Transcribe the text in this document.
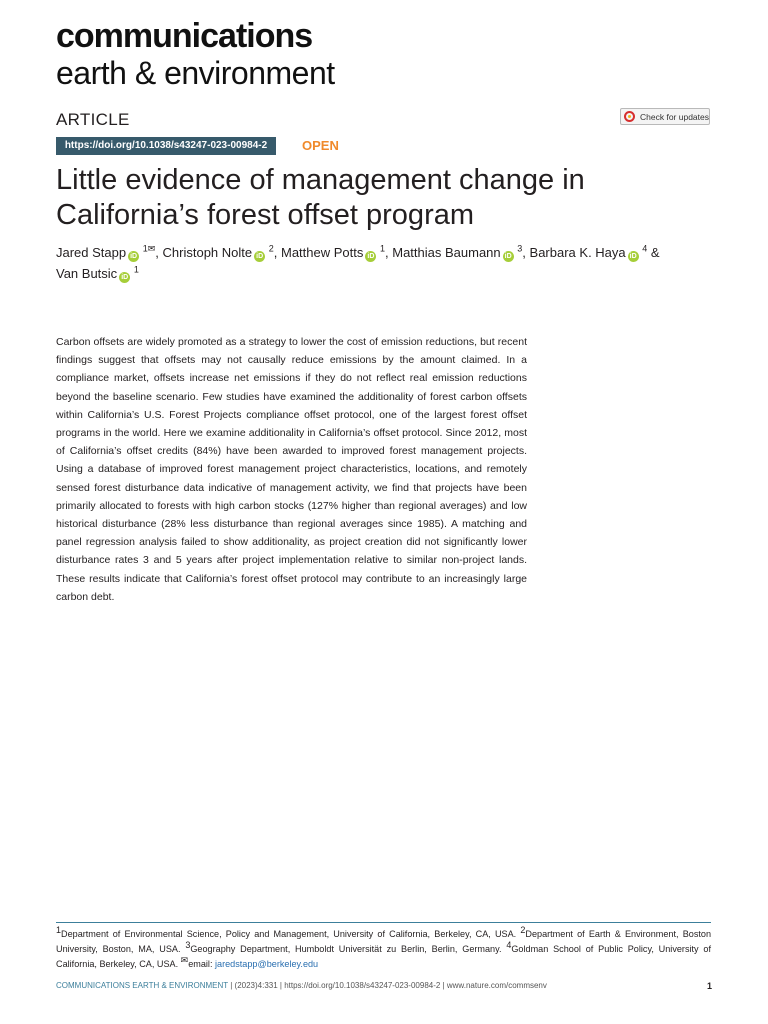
communications
earth & environment
ARTICLE	Check for updates
https://doi.org/10.1038/s43247-023-00984-2	OPEN
Little evidence of management change in California’s forest offset program
Jared Stapp iD $^{1✉}$, Christoph Nolte iD $^2$, Matthew Potts iD $^1$, Matthias Baumann iD $^3$, Barbara K. Haya iD $^4$ &
Van Butsic iD $^1$

Carbon offsets are widely promoted as a strategy to lower the cost of emission reductions, but recent findings suggest that offsets may not causally reduce emissions by the amount claimed. In a compliance market, offsets increase net emissions if they do not reflect real emission reductions beyond the baseline scenario. Few studies have examined the additionality of forest carbon offsets within California’s U.S. Forest Projects compliance offset protocol, one of the largest forest offset programs in the world. Here we examine additionality in California’s offset protocol. Since 2012, most of California’s offset credits (84%) have been awarded to improved forest management projects. Using a database of improved forest management project characteristics, locations, and remotely sensed forest disturbance data indicative of management activity, we find that projects have been primarily allocated to forests with high carbon stocks (127% higher than regional averages) and low historical disturbance (28% less disturbance than regional averages since 1985). A matching and panel regression analysis failed to show additionality, as project creation did not significantly lower disturbance rates 3 and 5 years after project implementation relative to similar non-project lands. These results indicate that California’s forest offset protocol may contribute to an increasingly large carbon debt.

1Department of Environmental Science, Policy and Management, University of California, Berkeley, CA, USA. 2Department of Earth & Environment, Boston University, Boston, MA, USA. 3Geography Department, Humboldt Universität zu Berlin, Berlin, Germany. 4Goldman School of Public Policy, University of California, Berkeley, CA, USA. ✉email: jaredstapp@berkeley.edu
COMMUNICATIONS EARTH & ENVIRONMENT | (2023)4:331 | https://doi.org/10.1038/s43247-023-00984-2 | www.nature.com/commsenv	1
